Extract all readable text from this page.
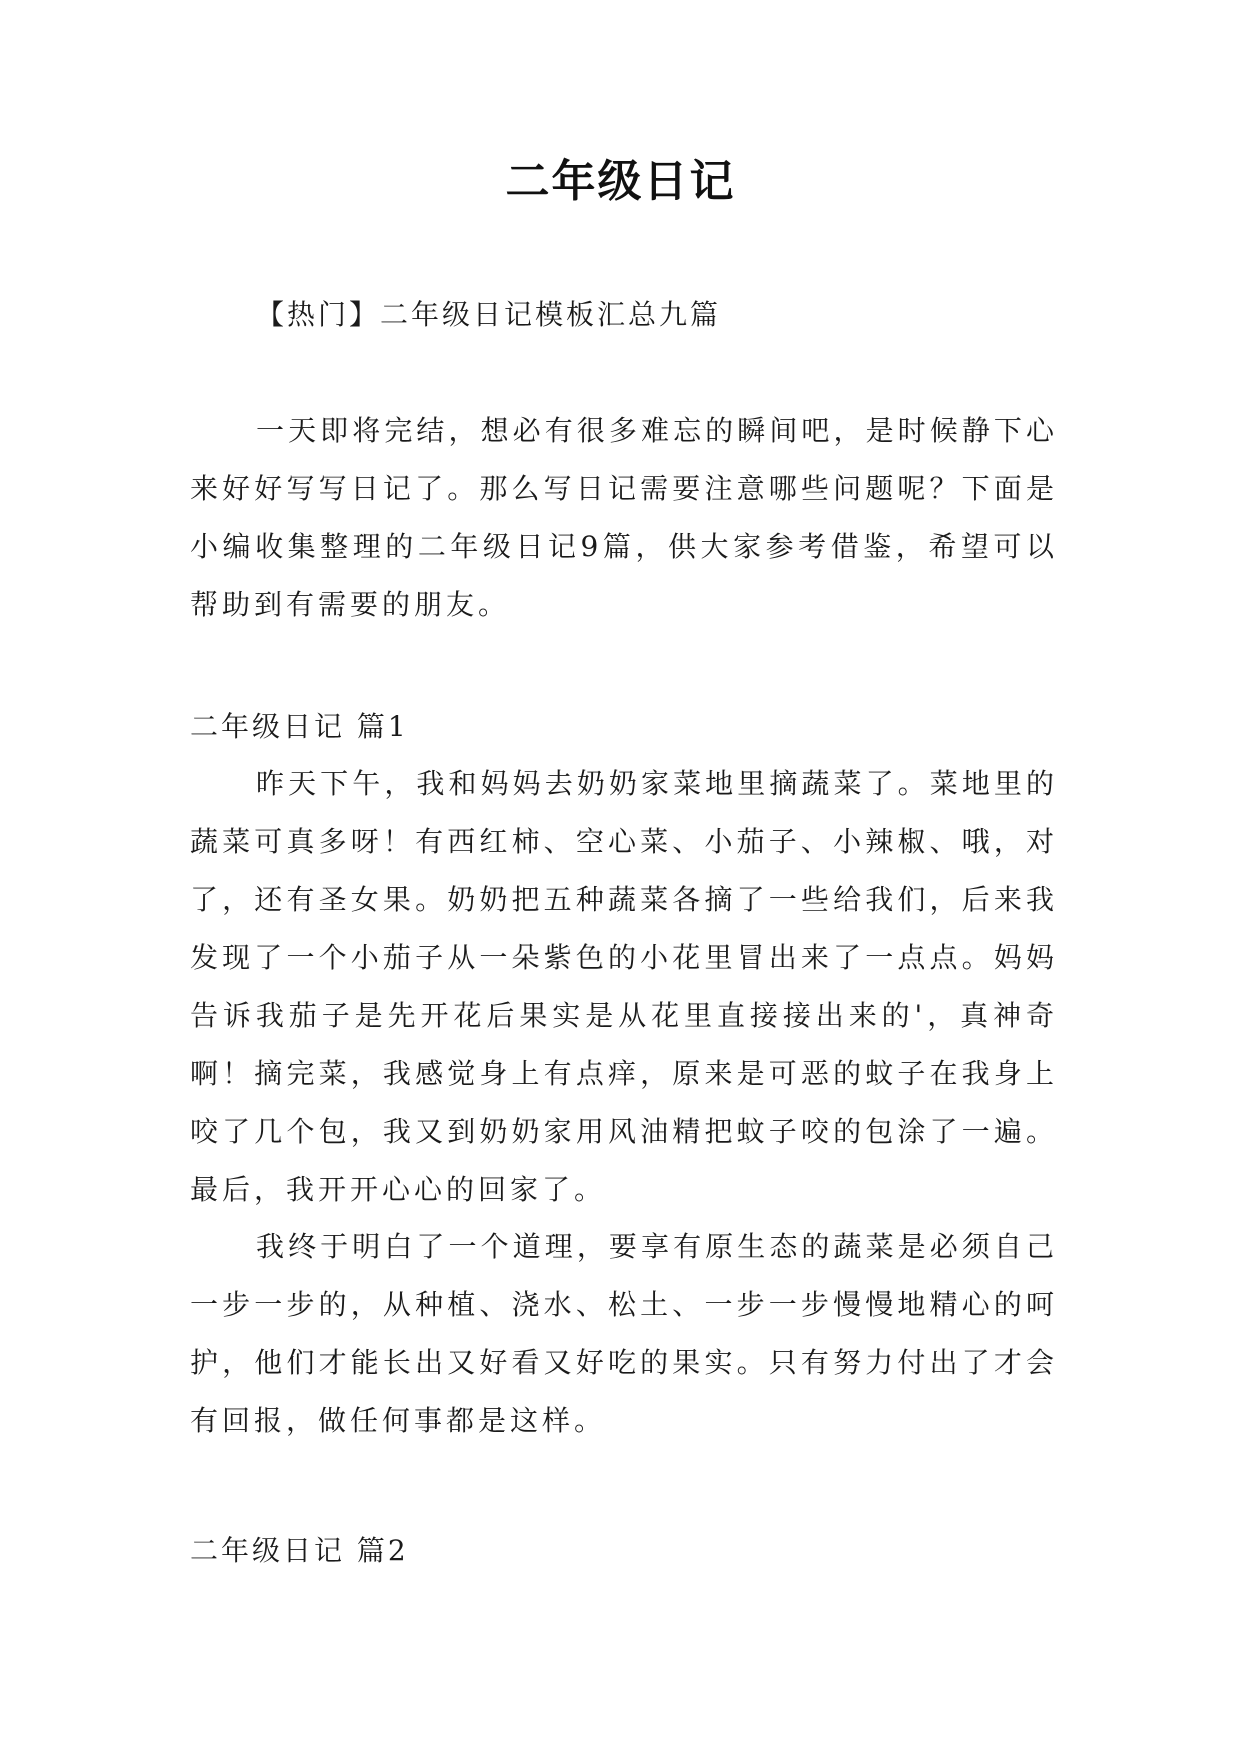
二年级日记
【热门】二年级日记模板汇总九篇

一天即将完结，想必有很多难忘的瞬间吧，是时候静下心来好好写写日记了。那么写日记需要注意哪些问题呢？下面是小编收集整理的二年级日记9篇，供大家参考借鉴，希望可以帮助到有需要的朋友。

二年级日记 篇1

昨天下午，我和妈妈去奶奶家菜地里摘蔬菜了。菜地里的蔬菜可真多呀！有西红柿、空心菜、小茄子、小辣椒、哦，对了，还有圣女果。奶奶把五种蔬菜各摘了一些给我们，后来我发现了一个小茄子从一朵紫色的小花里冒出来了一点点。妈妈告诉我茄子是先开花后果实是从花里直接接出来的'，真神奇啊！摘完菜，我感觉身上有点痒，原来是可恶的蚊子在我身上咬了几个包，我又到奶奶家用风油精把蚊子咬的包涂了一遍。最后，我开开心心的回家了。

我终于明白了一个道理，要享有原生态的蔬菜是必须自己一步一步的，从种植、浇水、松土、一步一步慢慢地精心的呵护，他们才能长出又好看又好吃的果实。只有努力付出了才会有回报，做任何事都是这样。

二年级日记 篇2
